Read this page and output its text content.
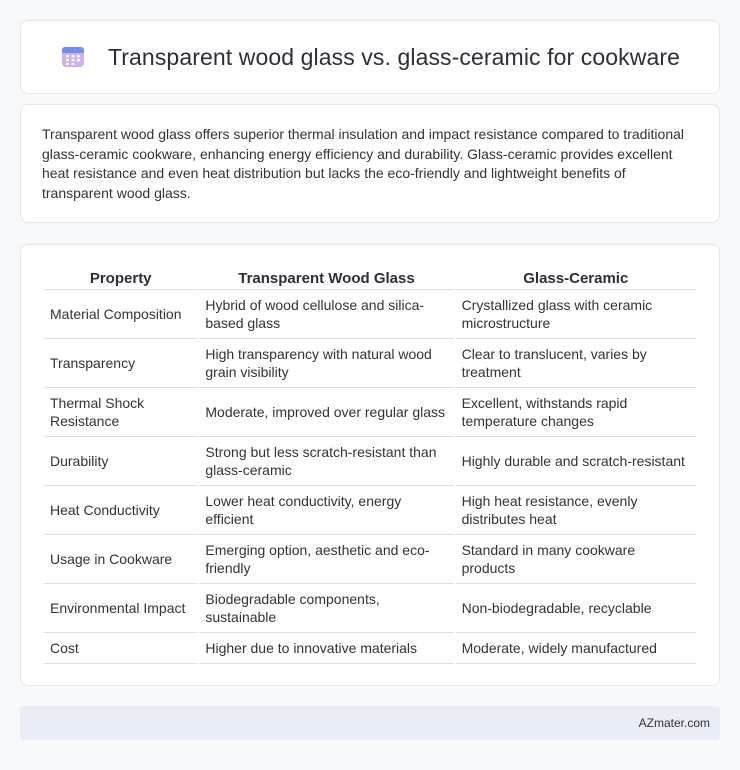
Transparent wood glass vs. glass-ceramic for cookware

Transparent wood glass offers superior thermal insulation and impact resistance compared to traditional glass-ceramic cookware, enhancing energy efficiency and durability. Glass-ceramic provides excellent heat resistance and even heat distribution but lacks the eco-friendly and lightweight benefits of transparent wood glass.

Property	Transparent Wood Glass	Glass-Ceramic
Material Composition	Hybrid of wood cellulose and silica-based glass	Crystallized glass with ceramic microstructure
Transparency	High transparency with natural wood grain visibility	Clear to translucent, varies by treatment
Thermal Shock Resistance	Moderate, improved over regular glass	Excellent, withstands rapid temperature changes
Durability	Strong but less scratch-resistant than glass-ceramic	Highly durable and scratch-resistant
Heat Conductivity	Lower heat conductivity, energy efficient	High heat resistance, evenly distributes heat
Usage in Cookware	Emerging option, aesthetic and eco-friendly	Standard in many cookware products
Environmental Impact	Biodegradable components, sustainable	Non-biodegradable, recyclable
Cost	Higher due to innovative materials	Moderate, widely manufactured
AZmater.com
